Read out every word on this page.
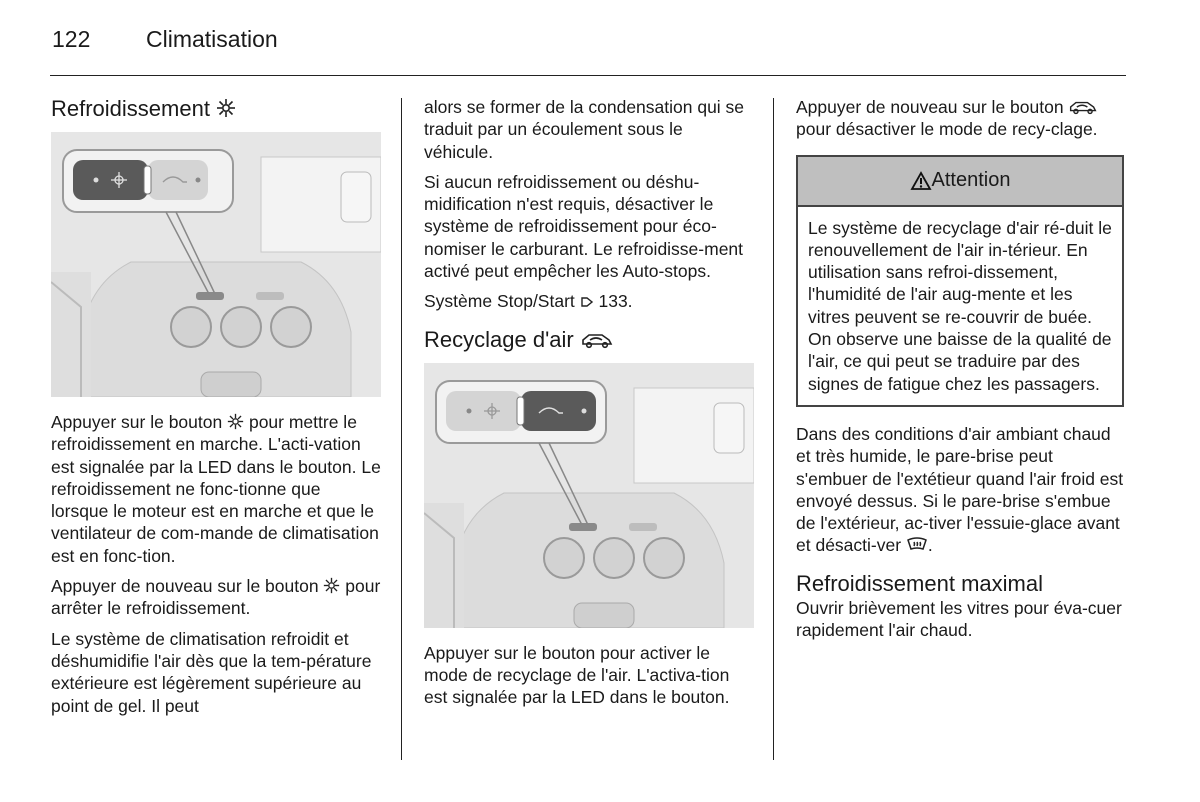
122 Climatisation
Refroidissement

Appuyer sur le bouton  pour mettre le refroidissement en marche. L'acti-vation est signalée par la LED dans le bouton. Le refroidissement ne fonc-tionne que lorsque le moteur est en marche et que le ventilateur de com-mande de climatisation est en fonc-tion.

Appuyer de nouveau sur le bouton  pour arrêter le refroidissement.

Le système de climatisation refroidit et déshumidifie l'air dès que la tem-pérature extérieure est légèrement supérieure au point de gel. Il peut

alors se former de la condensation qui se traduit par un écoulement sous le véhicule.

Si aucun refroidissement ou déshu-midification n'est requis, désactiver le système de refroidissement pour éco-nomiser le carburant. Le refroidisse-ment activé peut empêcher les Auto-stops.

Système Stop/Start  133.

Recyclage d'air

Appuyer sur le bouton pour activer le mode de recyclage de l'air. L'activa-tion est signalée par la LED dans le bouton.

Appuyer de nouveau sur le bouton  pour désactiver le mode de recy-clage.

Attention
Le système de recyclage d'air ré-duit le renouvellement de l'air in-térieur. En utilisation sans refroi-dissement, l'humidité de l'air aug-mente et les vitres peuvent se re-couvrir de buée. On observe une baisse de la qualité de l'air, ce qui peut se traduire par des signes de fatigue chez les passagers.

Dans des conditions d'air ambiant chaud et très humide, le pare-brise peut s'embuer de l'extétieur quand l'air froid est envoyé dessus. Si le pare-brise s'embue de l'extérieur, ac-tiver l'essuie-glace avant et désacti-ver .

Refroidissement maximal

Ouvrir brièvement les vitres pour éva-cuer rapidement l'air chaud.
